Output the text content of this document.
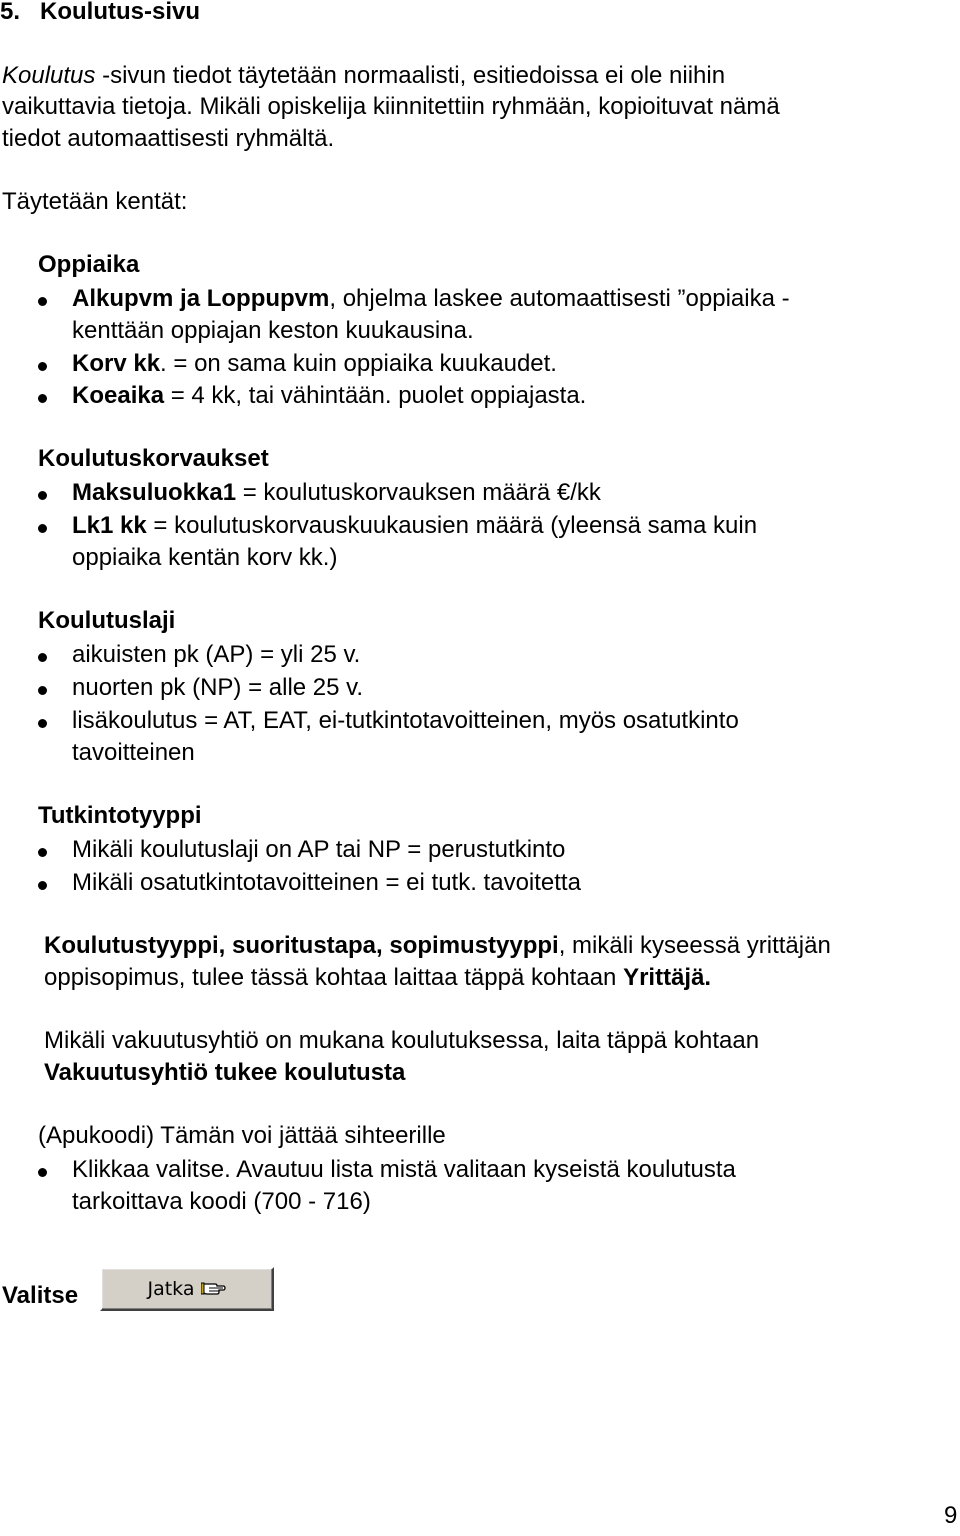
5. Koulutus-sivu
Koulutus -sivun tiedot täytetään normaalisti, esitiedoissa ei ole niihin
vaikuttavia tietoja. Mikäli opiskelija kiinnitettiin ryhmään, kopioituvat nämä
tiedot automaattisesti ryhmältä.
Täytetään kentät:
Oppiaika
Alkupvm ja Loppupvm, ohjelma laskee automaattisesti ”oppiaika -
kenttään oppiajan keston kuukausina.
Korv kk. = on sama kuin oppiaika kuukaudet.
Koeaika = 4 kk, tai vähintään. puolet oppiajasta.
Koulutuskorvaukset
Maksuluokka1 = koulutuskorvauksen määrä €/kk
Lk1 kk = koulutuskorvauskuukausien määrä (yleensä sama kuin
oppiaika kentän korv kk.)
Koulutuslaji
aikuisten pk (AP) = yli 25 v.
nuorten pk (NP) = alle 25 v.
lisäkoulutus = AT, EAT, ei-tutkintotavoitteinen, myös osatutkinto
tavoitteinen
Tutkintotyyppi
Mikäli koulutuslaji on AP tai NP = perustutkinto
Mikäli osatutkintotavoitteinen = ei tutk. tavoitetta
Koulutustyyppi, suoritustapa, sopimustyyppi, mikäli kyseessä yrittäjän
oppisopimus, tulee tässä kohtaa laittaa täppä kohtaan Yrittäjä.
Mikäli vakuutusyhtiö on mukana koulutuksessa, laita täppä kohtaan
Vakuutusyhtiö tukee koulutusta
(Apukoodi) Tämän voi jättää sihteerille
Klikkaa valitse. Avautuu lista mistä valitaan kyseistä koulutusta
tarkoittava koodi (700 - 716)
Valitse	Jatka
9
